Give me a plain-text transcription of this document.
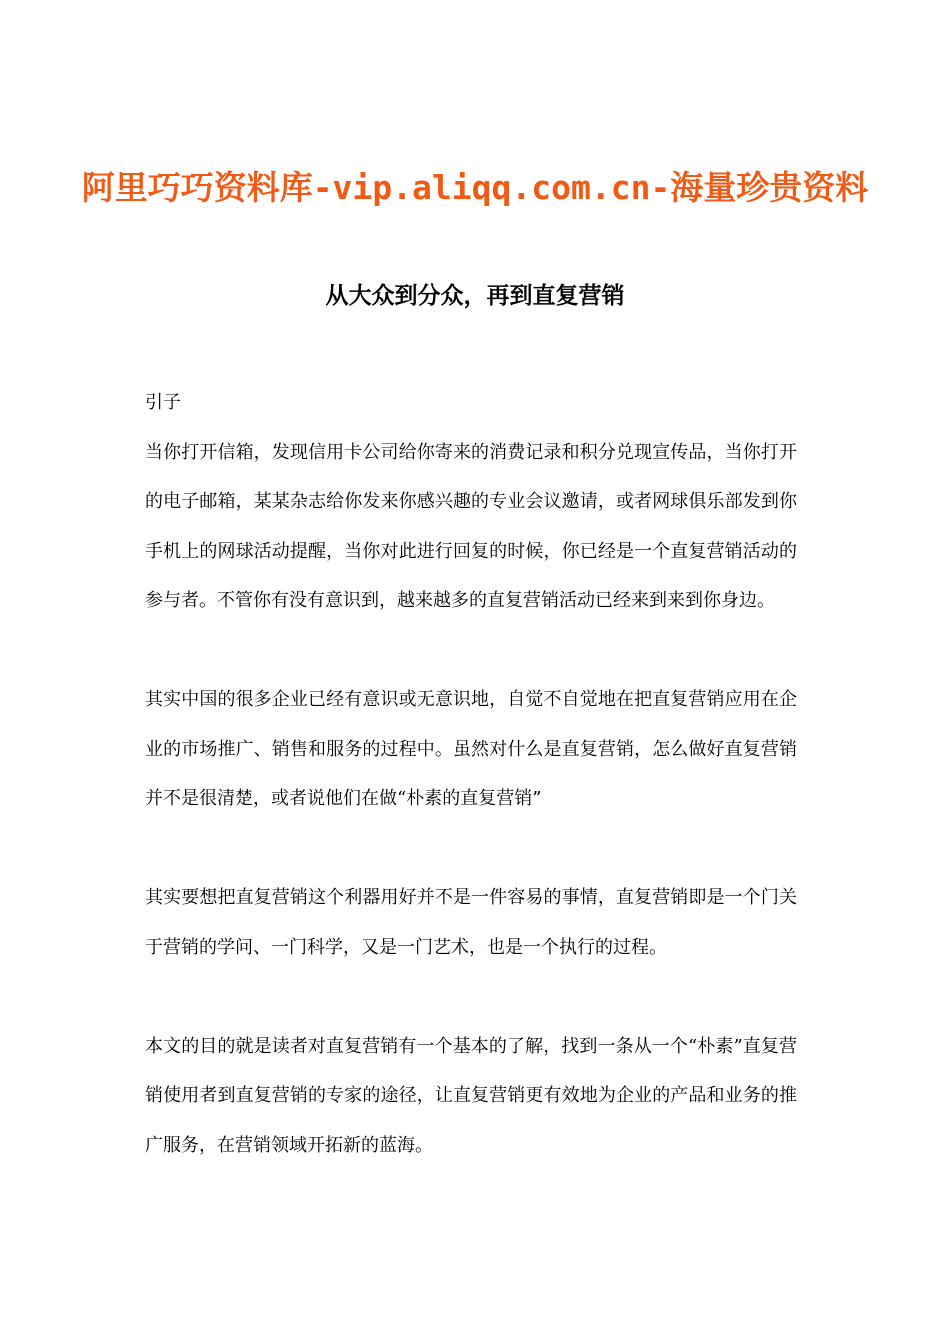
阿里巧巧资料库-vip.aliqq.com.cn-海量珍贵资料
从大众到分众，再到直复营销

引子

当你打开信箱，发现信用卡公司给你寄来的消费记录和积分兑现宣传品，当你打开的电子邮箱，某某杂志给你发来你感兴趣的专业会议邀请，或者网球俱乐部发到你手机上的网球活动提醒，当你对此进行回复的时候，你已经是一个直复营销活动的参与者。不管你有没有意识到，越来越多的直复营销活动已经来到来到你身边。

其实中国的很多企业已经有意识或无意识地，自觉不自觉地在把直复营销应用在企业的市场推广、销售和服务的过程中。虽然对什么是直复营销，怎么做好直复营销并不是很清楚，或者说他们在做“朴素的直复营销”

其实要想把直复营销这个利器用好并不是一件容易的事情，直复营销即是一个门关于营销的学问、一门科学，又是一门艺术，也是一个执行的过程。

本文的目的就是读者对直复营销有一个基本的了解，找到一条从一个“朴素”直复营销使用者到直复营销的专家的途径，让直复营销更有效地为企业的产品和业务的推广服务，在营销领域开拓新的蓝海。
